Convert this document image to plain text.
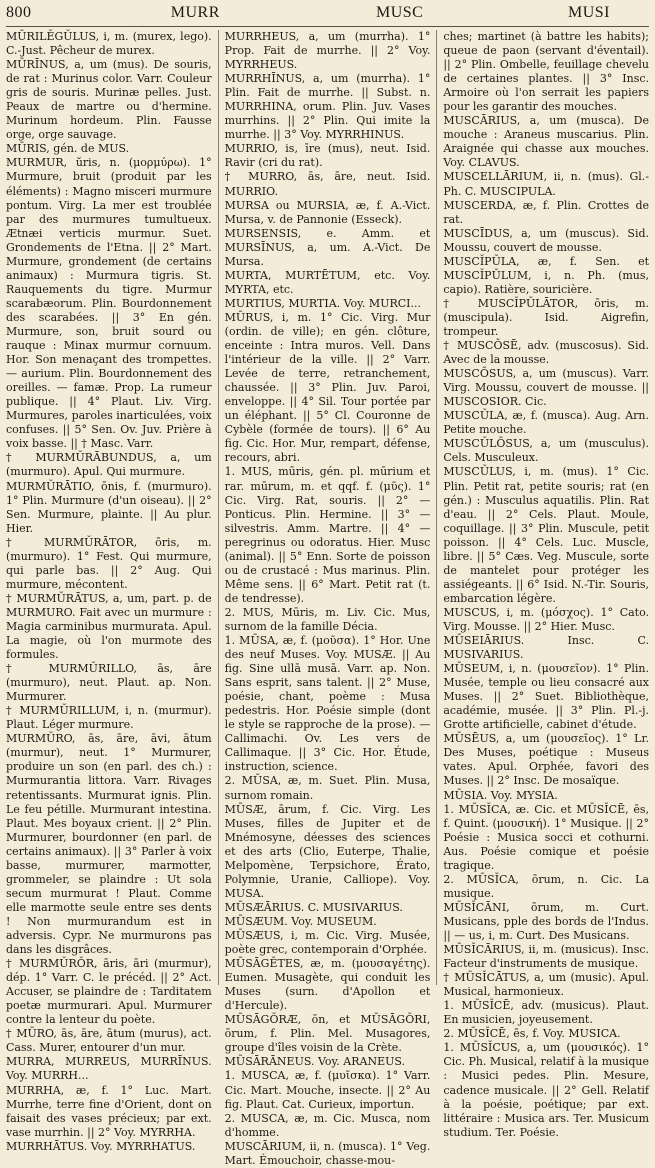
800	MURR	MUSC	MUSI

MŪRILĔGŬLUS, i, m. (murex, lego). C.-Just. Pêcheur de murex.

MŪRĪNUS, a, um (mus). De souris, de rat : Murinus color. Varr. Couleur gris de souris. Murinæ pelles. Just. Peaux de martre ou d'hermine. Murinum hordeum. Plin. Fausse orge, orge sauvage.

MŪRIS, gén. de MUS.

MURMUR, ŭris, n. (μορμύρω). 1° Murmure, bruit (produit par les éléments) : Magno misceri murmure pontum. Virg. La mer est troublée par des murmures tumultueux. Ætnæi verticis murmur. Suet. Grondements de l'Etna. || 2° Mart. Murmure, grondement (de certains animaux) : Murmura tigris. St. Rauquements du tigre. Murmur scarabæorum. Plin. Bourdonnement des scarabées. || 3° En gén. Murmure, son, bruit sourd ou rauque : Minax murmur cornuum. Hor. Son menaçant des trompettes. — aurium. Plin. Bourdonnement des oreilles. — famæ. Prop. La rumeur publique. || 4° Plaut. Liv. Virg. Murmures, paroles inarticulées, voix confuses. || 5° Sen. Ov. Juv. Prière à voix basse. || † Masc. Varr.

† MURMŬRĀBUNDUS, a, um (murmuro). Apul. Qui murmure.

MURMŬRĀTIO, ōnis, f. (murmuro). 1° Plin. Murmure (d'un oiseau). || 2° Sen. Murmure, plainte. || Au plur. Hier.

† MURMŬRĀTOR, ōris, m. (murmuro). 1° Fest. Qui murmure, qui parle bas. || 2° Aug. Qui murmure, mécontent.

† MURMŬRĀTUS, a, um, part. p. de MURMURO. Fait avec un murmure : Magia carminibus murmurata. Apul. La magie, où l'on murmote des formules.

† MURMŬRILLO, ās, āre (murmuro), neut. Plaut. ap. Non. Murmurer.

† MURMŬRILLUM, i, n. (murmur). Plaut. Léger murmure.

MURMŬRO, ās, āre, āvi, ātum (murmur), neut. 1° Murmurer, produire un son (en parl. des ch.) : Murmurantia littora. Varr. Rivages retentissants. Murmurat ignis. Plin. Le feu pétille. Murmurant intestina. Plaut. Mes boyaux crient. || 2° Plin. Murmurer, bourdonner (en parl. de certains animaux). || 3° Parler à voix basse, murmurer, marmotter, grommeler, se plaindre : Ut sola secum murmurat ! Plaut. Comme elle marmotte seule entre ses dents ! Non murmurandum est in adversis. Cypr. Ne murmurons pas dans les disgrâces.

† MURMŬRŎR, āris, āri (murmur), dép. 1° Varr. C. le précéd. || 2° Act. Accuser, se plaindre de : Tarditatem poetæ murmurari. Apul. Murmurer contre la lenteur du poète.

† MŪRO, ās, āre, ātum (murus), act. Cass. Murer, entourer d'un mur.

MURRA, MURREUS, MURRĪNUS. Voy. MURRH...

MURRHA, æ, f. 1° Luc. Mart. Murrhe, terre fine d'Orient, dont on faisait des vases précieux; par ext. vase murrhin. || 2° Voy. MYRRHA.

MURRHĀTUS. Voy. MYRRHATUS.

MURRHEUS, a, um (murrha). 1° Prop. Fait de murrhe. || 2° Voy. MYRRHEUS.

MURRHĪNUS, a, um (murrha). 1° Plin. Fait de murrhe. || Subst. n. MURRHINA, orum. Plin. Juv. Vases murrhins. || 2° Plin. Qui imite la murrhe. || 3° Voy. MYRRHINUS.

MURRIO, is, īre (mus), neut. Isid. Ravir (cri du rat).

† MURRO, ās, āre, neut. Isid. MURRIO.

MURSA ou MURSIA, æ, f. A.-Vict. Mursa, v. de Pannonie (Esseck).

MURSENSIS, e. Amm. et MURSĪNUS, a, um. A.-Vict. De Mursa.

MURTA, MURTĒTUM, etc. Voy. MYRTA, etc.

MURTIUS, MURTIA. Voy. MURCI...

MŪRUS, i, m. 1° Cic. Virg. Mur (ordin. de ville); en gén. clôture, enceinte : Intra muros. Vell. Dans l'intérieur de la ville. || 2° Varr. Levée de terre, retranchement, chaussée. || 3° Plin. Juv. Paroi, enveloppe. || 4° Sil. Tour portée par un éléphant. || 5° Cl. Couronne de Cybèle (formée de tours). || 6° Au fig. Cic. Hor. Mur, rempart, défense, recours, abri.

1. MUS, mūris, gén. pl. mūrium et rar. mūrum, m. et qqf. f. (μῦς). 1° Cic. Virg. Rat, souris. || 2° — Ponticus. Plin. Hermine. || 3° — silvestris. Amm. Martre. || 4° — peregrinus ou odoratus. Hier. Musc (animal). || 5° Enn. Sorte de poisson ou de crustacé : Mus marinus. Plin. Même sens. || 6° Mart. Petit rat (t. de tendresse).

2. MUS, Mūris, m. Liv. Cic. Mus, surnom de la famille Décia.

1. MŪSA, æ, f. (μοῦσα). 1° Hor. Une des neuf Muses. Voy. MUSÆ. || Au fig. Sine ullā musā. Varr. ap. Non. Sans esprit, sans talent. || 2° Muse, poésie, chant, poème : Musa pedestris. Hor. Poésie simple (dont le style se rapproche de la prose). — Callimachi. Ov. Les vers de Callimaque. || 3° Cic. Hor. Étude, instruction, science.

2. MŪSA, æ, m. Suet. Plin. Musa, surnom romain.

MŪSÆ, ārum, f. Cic. Virg. Les Muses, filles de Jupiter et de Mnémosyne, déesses des sciences et des arts (Clio, Euterpe, Thalie, Melpomène, Terpsichore, Érato, Polymnie, Uranie, Calliope). Voy. MUSA.

MŪSÆĀRIUS. C. MUSIVARIUS.

MŪSÆUM. Voy. MUSEUM.

MŪSÆUS, i, m. Cic. Virg. Musée, poète grec, contemporain d'Orphée.

MŪSĀGĔTES, æ, m. (μουσαγέτης). Eumen. Musagète, qui conduit les Muses (surn. d'Apollon et d'Hercule).

MŪSĀGŎRÆ, ōn, et MŪSĀGŎRI, ōrum, f. Plin. Mel. Musagores, groupe d'îles voisin de la Crète.

MŪSĀRĀNEUS. Voy. ARANEUS.

1. MUSCA, æ, f. (μυῖσκα). 1° Varr. Cic. Mart. Mouche, insecte. || 2° Au fig. Plaut. Cat. Curieux, importun.

2. MUSCA, æ, m. Cic. Musca, nom d'homme.

MUSCĀRIUM, ii, n. (musca). 1° Veg. Mart. Émouchoir, chasse-mou-

ches; martinet (à battre les habits); queue de paon (servant d'éventail). || 2° Plin. Ombelle, feuillage chevelu de certaines plantes. || 3° Insc. Armoire où l'on serrait les papiers pour les garantir des mouches.

MUSCĀRIUS, a, um (musca). De mouche : Araneus muscarius. Plin. Araignée qui chasse aux mouches. Voy. CLAVUS.

MUSCELLĀRIUM, ii, n. (mus). Gl.-Ph. C. MUSCIPULA.

MUSCERDA, æ, f. Plin. Crottes de rat.

MUSCĪDUS, a, um (muscus). Sid. Moussu, couvert de mousse.

MUSCĬPŬLA, æ, f. Sen. et MUSCĬPŬLUM, i, n. Ph. (mus, capio). Ratière, souricière.

† MUSCĬPŬLĀTOR, ōris, m. (muscipula). Isid. Aigrefin, trompeur.

† MUSCŌSĒ, adv. (muscosus). Sid. Avec de la mousse.

MUSCŌSUS, a, um (muscus). Varr. Virg. Moussu, couvert de mousse. || MUSCOSIOR. Cic.

MUSCŬLA, æ, f. (musca). Aug. Arn. Petite mouche.

MUSCŬLŌSUS, a, um (musculus). Cels. Musculeux.

MUSCŬLUS, i, m. (mus). 1° Cic. Plin. Petit rat, petite souris; rat (en gén.) : Musculus aquatilis. Plin. Rat d'eau. || 2° Cels. Plaut. Moule, coquillage. || 3° Plin. Muscule, petit poisson. || 4° Cels. Luc. Muscle, libre. || 5° Cæs. Veg. Muscule, sorte de mantelet pour protéger les assiégeants. || 6° Isid. N.-Tir. Souris, embarcation légère.

MUSCUS, i, m. (μόσχος). 1° Cato. Virg. Mousse. || 2° Hier. Musc.

MŪSEIĀRIUS. Insc. C. MUSIVARIUS.

MŪSEUM, i, n. (μουσεῖον). 1° Plin. Musée, temple ou lieu consacré aux Muses. || 2° Suet. Bibliothèque, académie, musée. || 3° Plin. Pl.-j. Grotte artificielle, cabinet d'étude.

MŪSĒUS, a, um (μουσεῖος). 1° Lr. Des Muses, poétique : Museus vates. Apul. Orphée, favori des Muses. || 2° Insc. De mosaïque.

MŪSIA. Voy. MYSIA.

1. MŪSĬCA, æ. Cic. et MŪSĬCĒ, ēs, f. Quint. (μουσική). 1° Musique. || 2° Poésie : Musica socci et cothurni. Aus. Poésie comique et poésie tragique.

2. MŪSĬCA, ōrum, n. Cic. La musique.

MŪSĬCĀNI, ōrum, m. Curt. Musicans, pple des bords de l'Indus. || — us, i, m. Curt. Des Musicans.

MŪSĬCĀRIUS, ii, m. (musicus). Insc. Facteur d'instruments de musique.

† MŪSĬCĀTUS, a, um (music). Apul. Musical, harmonieux.

1. MŪSĬCĒ, adv. (musicus). Plaut. En musicien, joyeusement.

2. MŪSĬCĒ, ēs, f. Voy. MUSICA.

1. MŪSĬCUS, a, um (μουσικός). 1° Cic. Ph. Musical, relatif à la musique : Musici pedes. Plin. Mesure, cadence musicale. || 2° Gell. Relatif à la poésie, poétique; par ext. littéraire : Musica ars. Ter. Musicum studium. Ter. Poésie.
